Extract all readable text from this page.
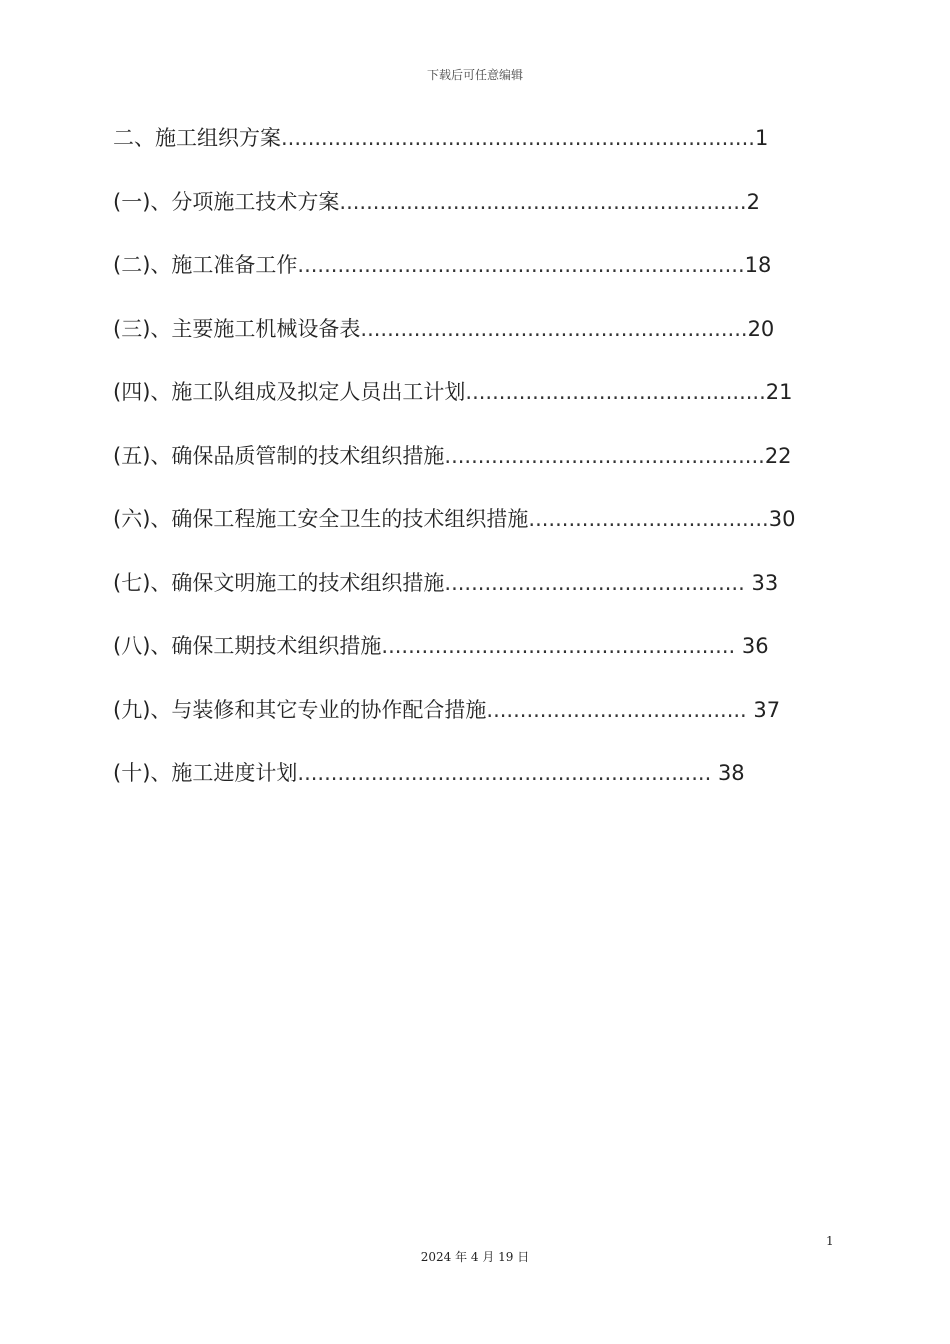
下载后可任意编辑
二、施工组织方案.......................................................................1
(一)、分项施工技术方案.............................................................2
(二)、施工准备工作...................................................................18
(三)、主要施工机械设备表..........................................................20
(四)、施工队组成及拟定人员出工计划.............................................21
(五)、确保品质管制的技术组织措施................................................22
(六)、确保工程施工安全卫生的技术组织措施....................................30
(七)、确保文明施工的技术组织措施............................................. 33
(八)、确保工期技术组织措施..................................................... 36
(九)、与装修和其它专业的协作配合措施....................................... 37
(十)、施工进度计划.............................................................. 38
1
2024 年 4 月 19 日
